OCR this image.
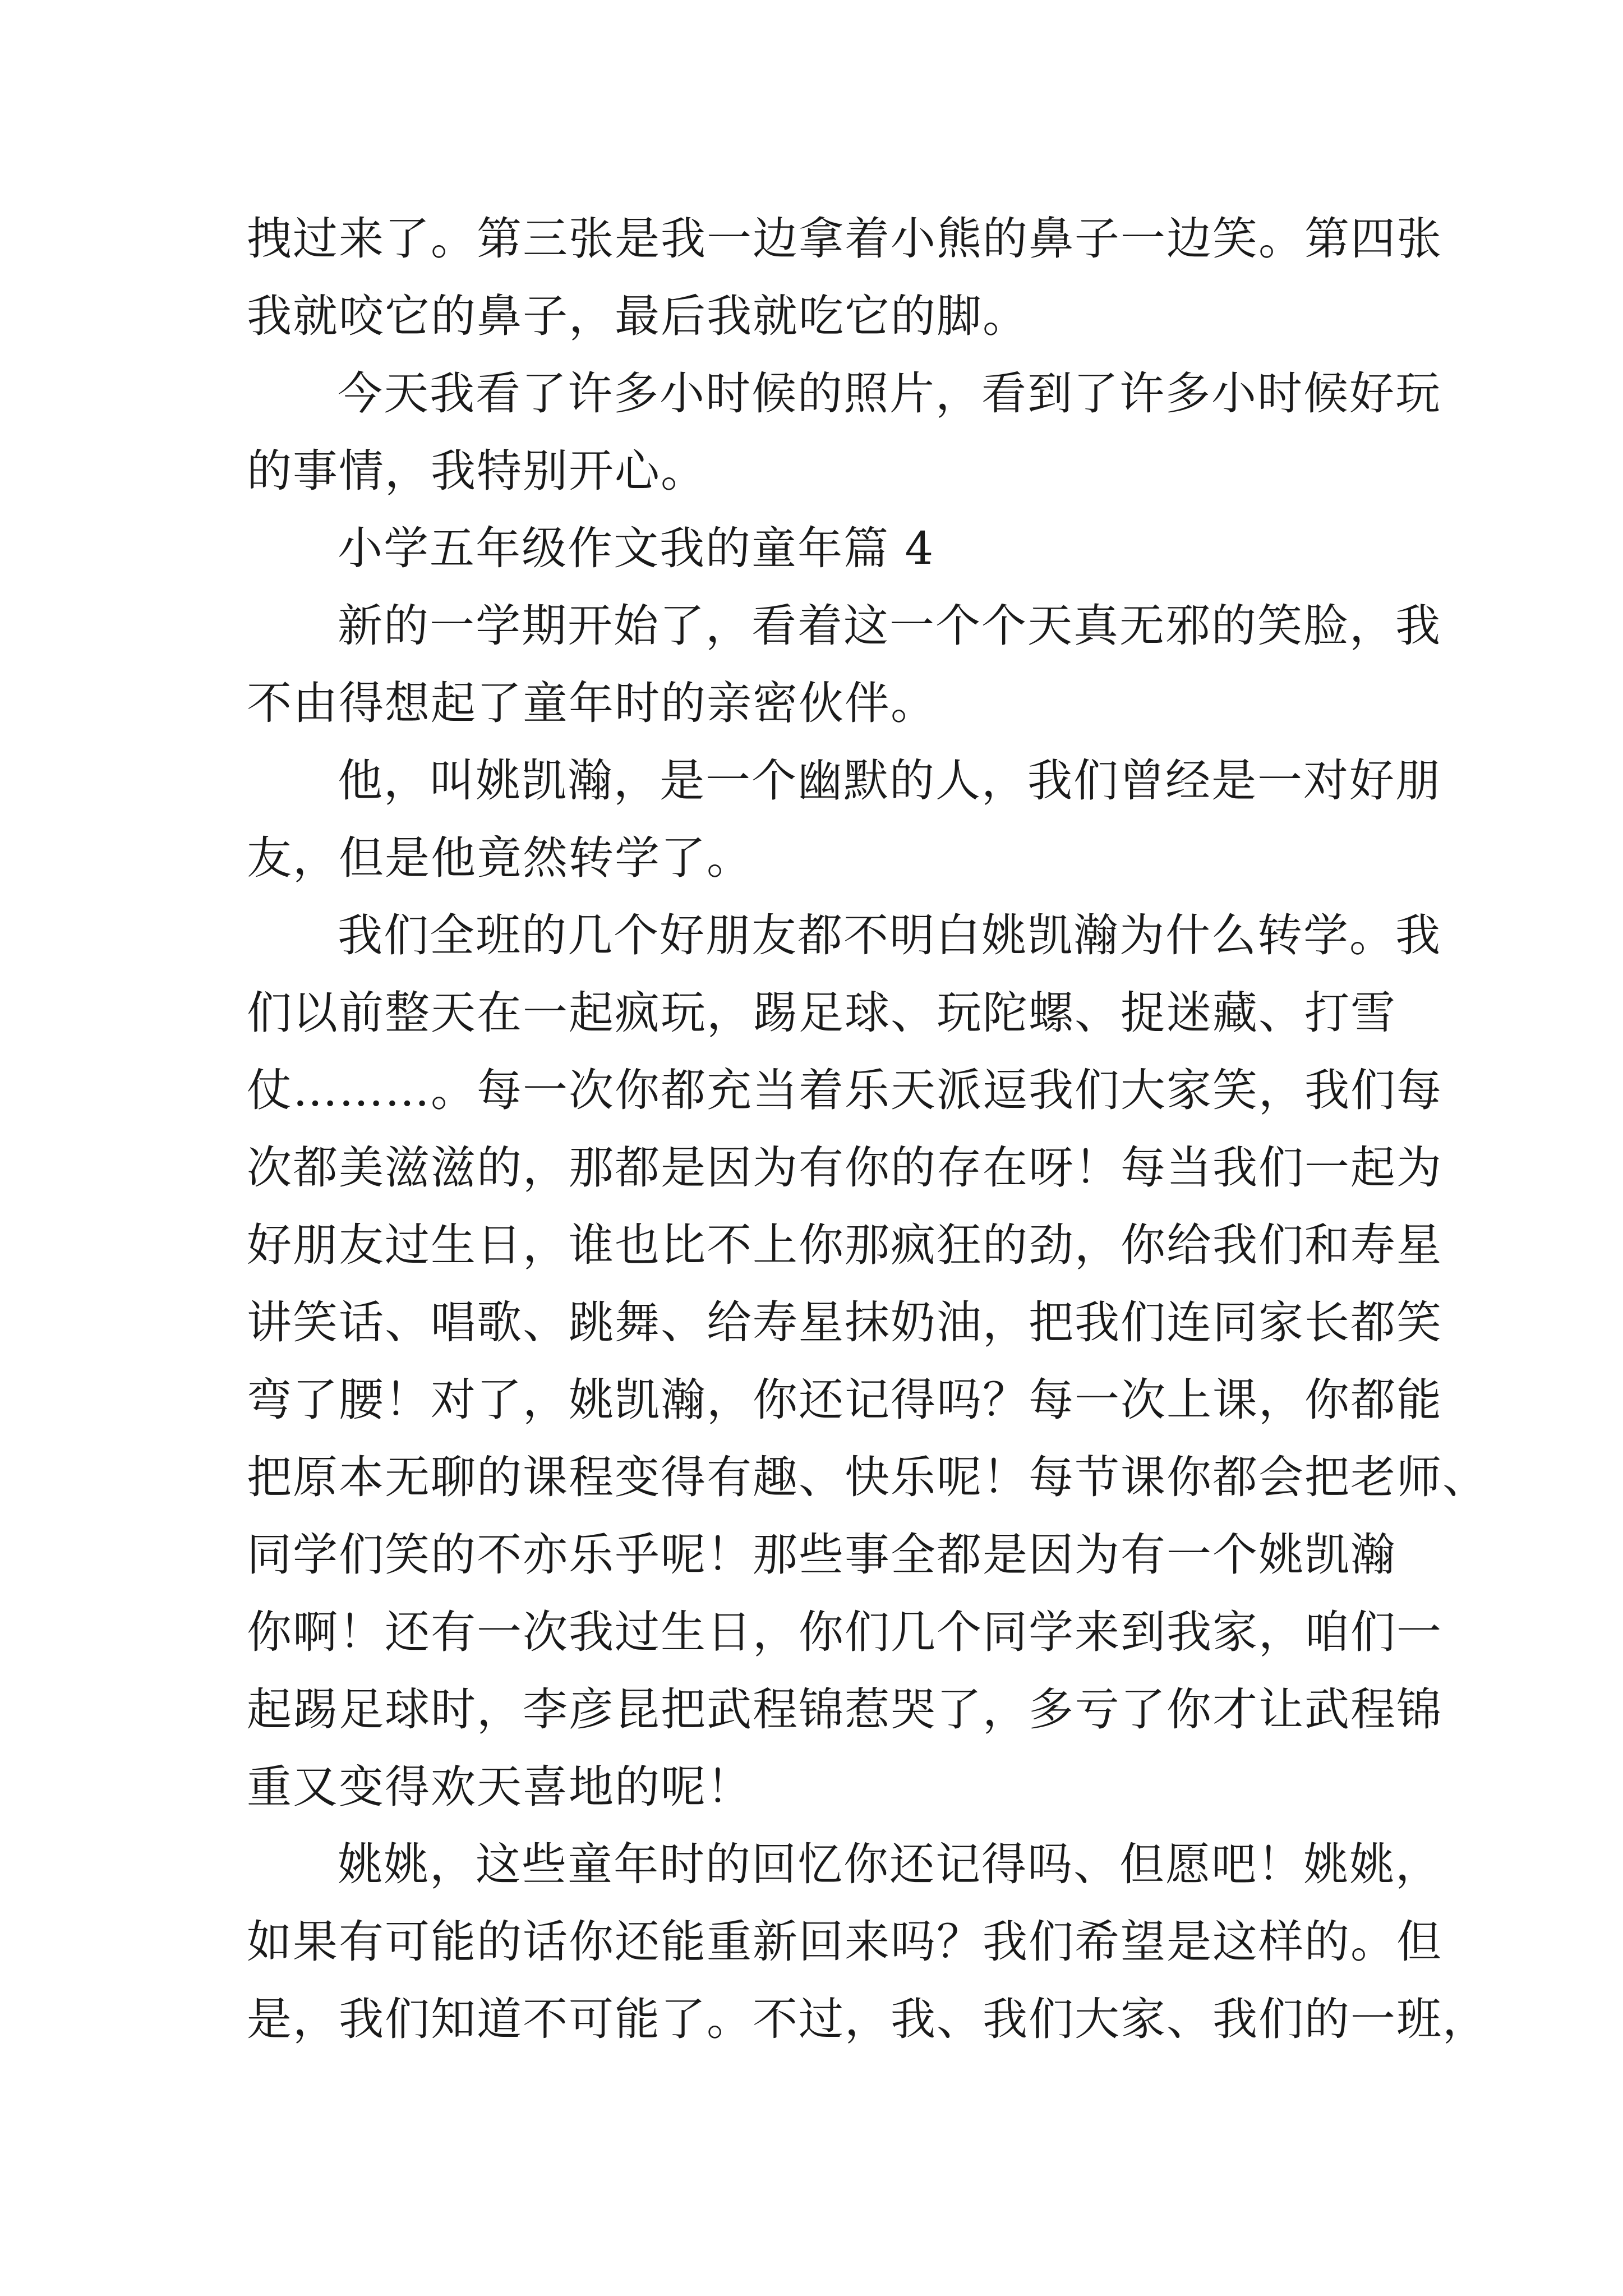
拽过来了。第三张是我一边拿着小熊的鼻子一边笑。第四张
我就咬它的鼻子，最后我就吃它的脚。
今天我看了许多小时候的照片，看到了许多小时候好玩
的事情，我特别开心。
小学五年级作文我的童年篇 4
新的一学期开始了，看着这一个个天真无邪的笑脸，我
不由得想起了童年时的亲密伙伴。
他，叫姚凯瀚，是一个幽默的人，我们曾经是一对好朋
友，但是他竟然转学了。
我们全班的几个好朋友都不明白姚凯瀚为什么转学。我
们以前整天在一起疯玩，踢足球、玩陀螺、捉迷藏、打雪
仗………。每一次你都充当着乐天派逗我们大家笑，我们每
次都美滋滋的，那都是因为有你的存在呀！每当我们一起为
好朋友过生日，谁也比不上你那疯狂的劲，你给我们和寿星
讲笑话、唱歌、跳舞、给寿星抹奶油，把我们连同家长都笑
弯了腰！对了，姚凯瀚，你还记得吗？每一次上课，你都能
把原本无聊的课程变得有趣、快乐呢！每节课你都会把老师、
同学们笑的不亦乐乎呢！那些事全都是因为有一个姚凯瀚
你啊！还有一次我过生日，你们几个同学来到我家，咱们一
起踢足球时，李彦昆把武程锦惹哭了，多亏了你才让武程锦
重又变得欢天喜地的呢！
姚姚，这些童年时的回忆你还记得吗、但愿吧！姚姚，
如果有可能的话你还能重新回来吗？我们希望是这样的。但
是，我们知道不可能了。不过，我、我们大家、我们的一班，
